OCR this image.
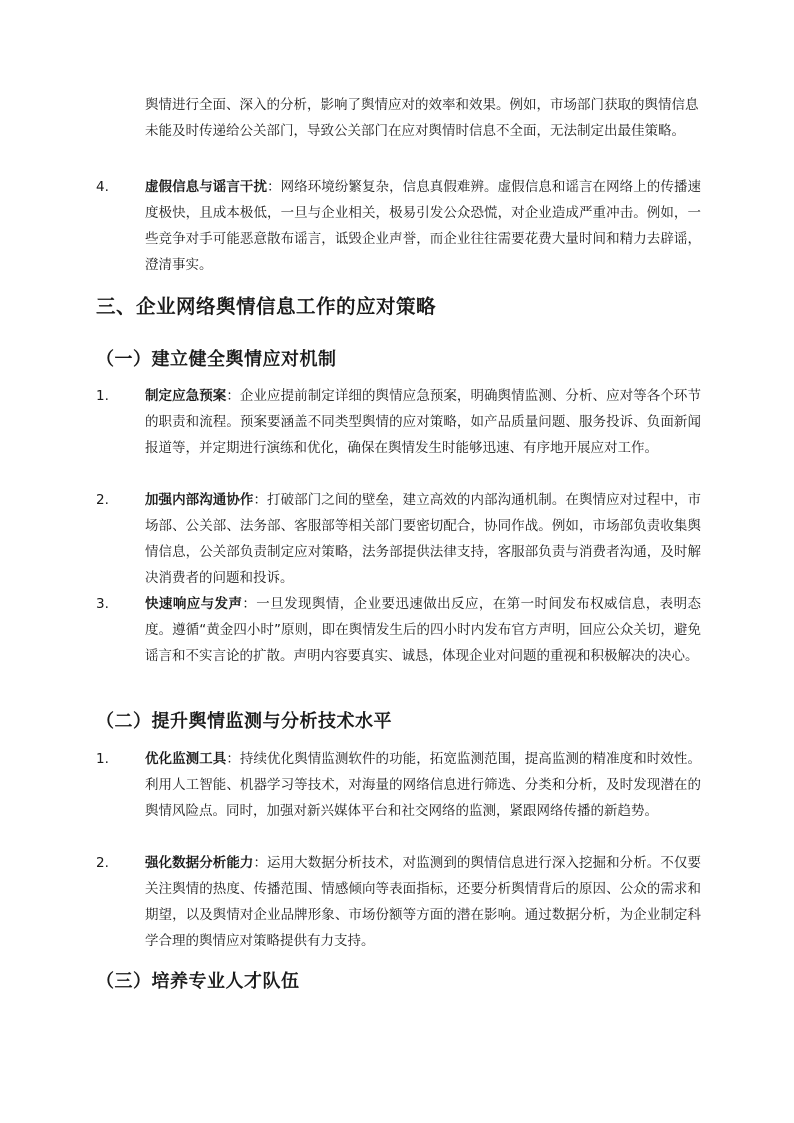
舆情进行全面、深入的分析，影响了舆情应对的效率和效果。例如，市场部门获取的舆情信息未能及时传递给公关部门，导致公关部门在应对舆情时信息不全面，无法制定出最佳策略。
4.	虚假信息与谣言干扰：网络环境纷繁复杂，信息真假难辨。虚假信息和谣言在网络上的传播速度极快，且成本极低，一旦与企业相关，极易引发公众恐慌，对企业造成严重冲击。例如，一些竞争对手可能恶意散布谣言，诋毁企业声誉，而企业往往需要花费大量时间和精力去辟谣，澄清事实。
三、企业网络舆情信息工作的应对策略
（一）建立健全舆情应对机制
1.	制定应急预案：企业应提前制定详细的舆情应急预案，明确舆情监测、分析、应对等各个环节的职责和流程。预案要涵盖不同类型舆情的应对策略，如产品质量问题、服务投诉、负面新闻报道等，并定期进行演练和优化，确保在舆情发生时能够迅速、有序地开展应对工作。
2.	加强内部沟通协作：打破部门之间的壁垒，建立高效的内部沟通机制。在舆情应对过程中，市场部、公关部、法务部、客服部等相关部门要密切配合，协同作战。例如，市场部负责收集舆情信息，公关部负责制定应对策略，法务部提供法律支持，客服部负责与消费者沟通，及时解决消费者的问题和投诉。
3.	快速响应与发声：一旦发现舆情，企业要迅速做出反应，在第一时间发布权威信息，表明态度。遵循“黄金四小时”原则，即在舆情发生后的四小时内发布官方声明，回应公众关切，避免谣言和不实言论的扩散。声明内容要真实、诚恳，体现企业对问题的重视和积极解决的决心。
（二）提升舆情监测与分析技术水平
1.	优化监测工具：持续优化舆情监测软件的功能，拓宽监测范围，提高监测的精准度和时效性。利用人工智能、机器学习等技术，对海量的网络信息进行筛选、分类和分析，及时发现潜在的舆情风险点。同时，加强对新兴媒体平台和社交网络的监测，紧跟网络传播的新趋势。
2.	强化数据分析能力：运用大数据分析技术，对监测到的舆情信息进行深入挖掘和分析。不仅要关注舆情的热度、传播范围、情感倾向等表面指标，还要分析舆情背后的原因、公众的需求和期望，以及舆情对企业品牌形象、市场份额等方面的潜在影响。通过数据分析，为企业制定科学合理的舆情应对策略提供有力支持。
（三）培养专业人才队伍
